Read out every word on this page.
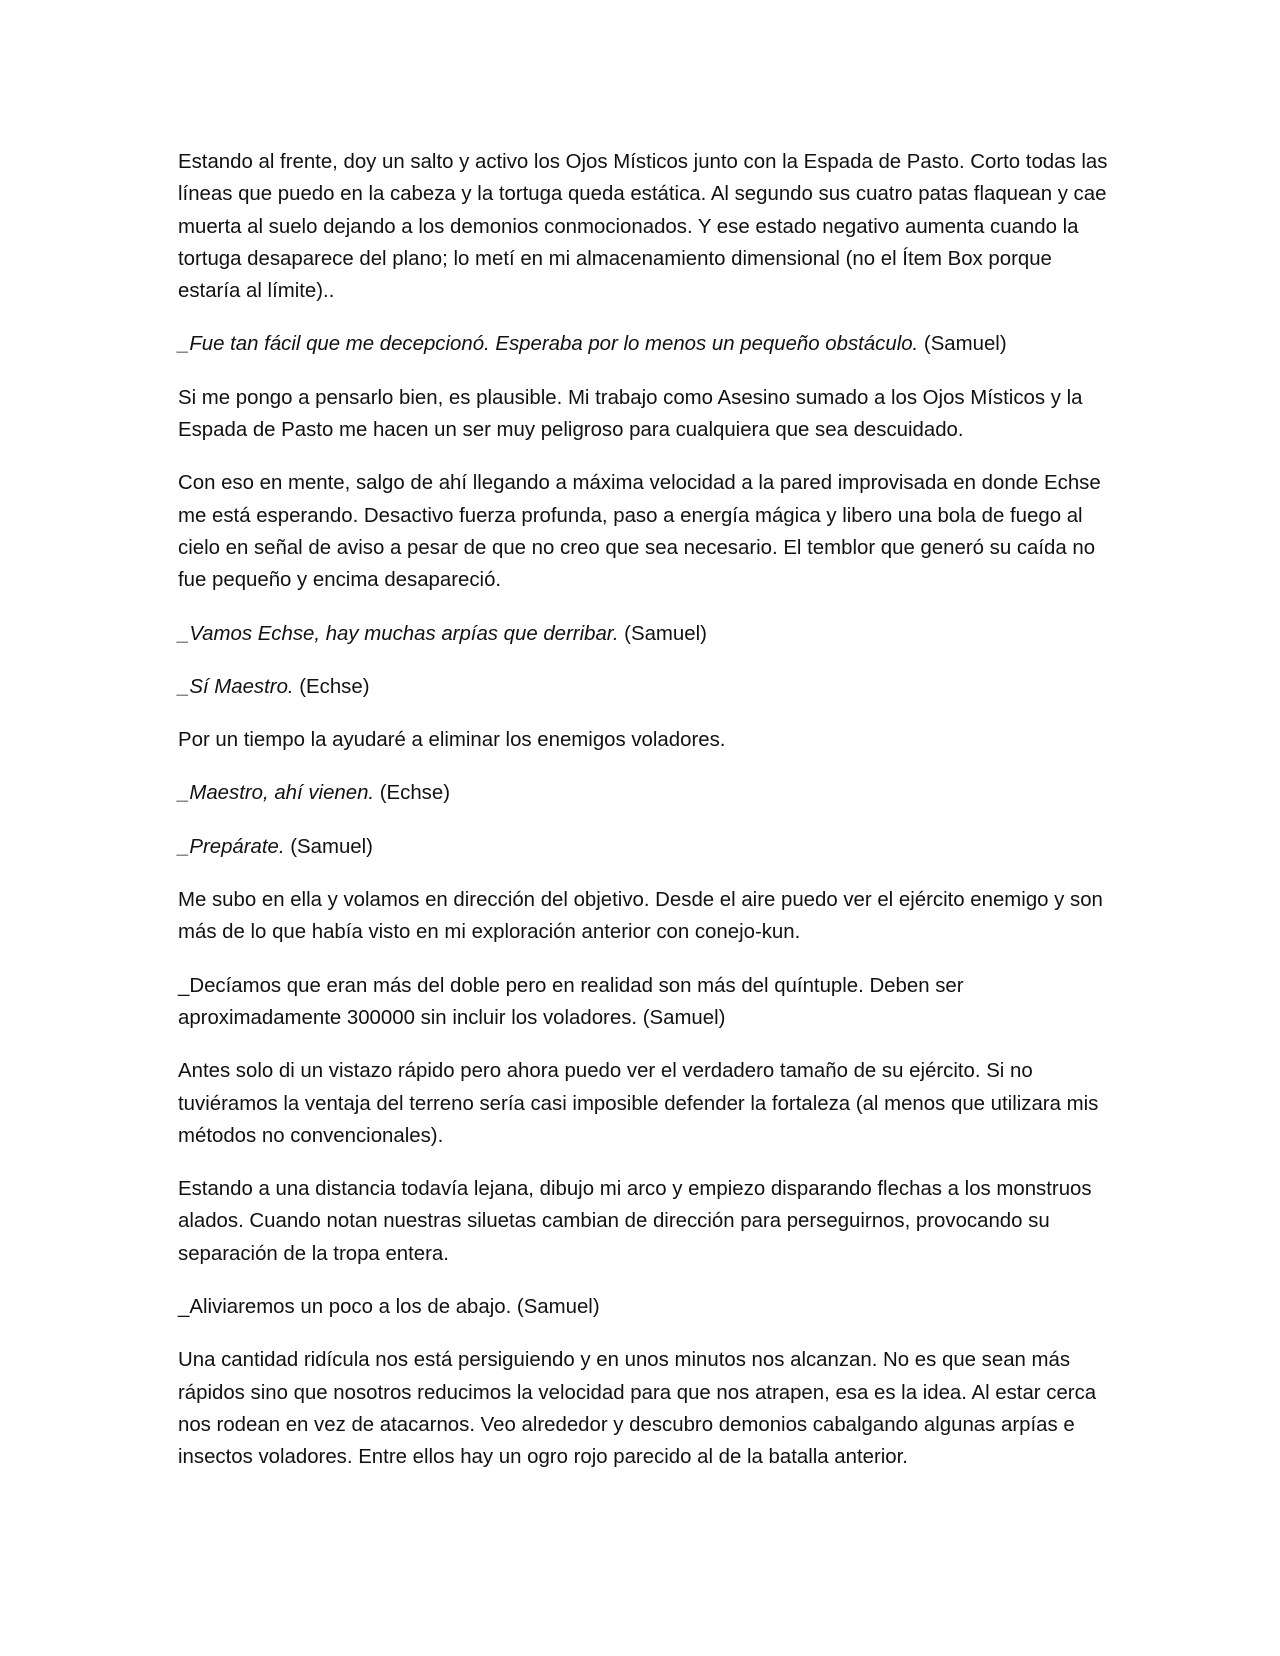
Estando al frente, doy un salto y activo los Ojos Místicos junto con la Espada de Pasto. Corto todas las líneas que puedo en la cabeza y la tortuga queda estática. Al segundo sus cuatro patas flaquean y cae muerta al suelo dejando a los demonios conmocionados. Y ese estado negativo aumenta cuando la tortuga desaparece del plano; lo metí en mi almacenamiento dimensional (no el Ítem Box porque estaría al límite)..

_Fue tan fácil que me decepcionó. Esperaba por lo menos un pequeño obstáculo. (Samuel)

Si me pongo a pensarlo bien, es plausible. Mi trabajo como Asesino sumado a los Ojos Místicos y la Espada de Pasto me hacen un ser muy peligroso para cualquiera que sea descuidado.

Con eso en mente, salgo de ahí llegando a máxima velocidad a la pared improvisada en donde Echse me está esperando. Desactivo fuerza profunda, paso a energía mágica y libero una bola de fuego al cielo en señal de aviso a pesar de que no creo que sea necesario. El temblor que generó su caída no fue pequeño y encima desapareció.

_Vamos Echse, hay muchas arpías que derribar. (Samuel)

_Sí Maestro. (Echse)

Por un tiempo la ayudaré a eliminar los enemigos voladores.

_Maestro, ahí vienen. (Echse)

_Prepárate. (Samuel)

Me subo en ella y volamos en dirección del objetivo. Desde el aire puedo ver el ejército enemigo y son más de lo que había visto en mi exploración anterior con conejo-kun.

_Decíamos que eran más del doble pero en realidad son más del quíntuple. Deben ser aproximadamente 300000 sin incluir los voladores. (Samuel)

Antes solo di un vistazo rápido pero ahora puedo ver el verdadero tamaño de su ejército. Si no tuviéramos la ventaja del terreno sería casi imposible defender la fortaleza (al menos que utilizara mis métodos no convencionales).

Estando a una distancia todavía lejana, dibujo mi arco y empiezo disparando flechas a los monstruos alados. Cuando notan nuestras siluetas cambian de dirección para perseguirnos, provocando su separación de la tropa entera.

_Aliviaremos un poco a los de abajo. (Samuel)

Una cantidad ridícula nos está persiguiendo y en unos minutos nos alcanzan. No es que sean más rápidos sino que nosotros reducimos la velocidad para que nos atrapen, esa es la idea. Al estar cerca nos rodean en vez de atacarnos. Veo alrededor y descubro demonios cabalgando algunas arpías e insectos voladores. Entre ellos hay un ogro rojo parecido al de la batalla anterior.
